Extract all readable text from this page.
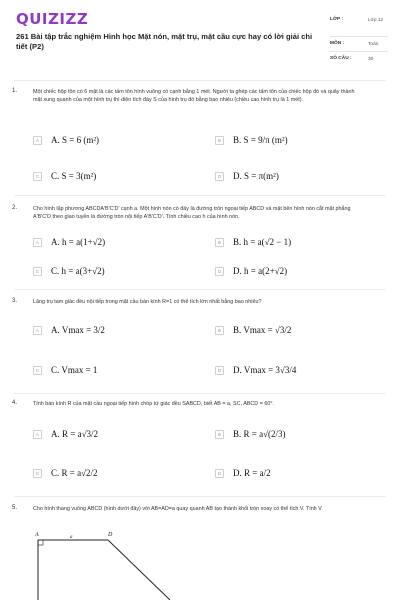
QUIZIZZ
261 Bài tập trắc nghiệm Hình học Mặt nón, mặt trụ, mặt cầu cực hay có lời giải chi tiết (P2)
LỚP :	Lớp 12
MÔN :	Toán
SỐ CÂU :	30
1.	Một chiếc hộp tôn có 6 mặt là các tấm tôn hình vuông có cạnh bằng 1 mét. Người ta ghép các tấm tôn của chiếc hộp đó và quây thành mặt xung quanh của một hình trụ thì diện tích đáy S của hình trụ đó bằng bao nhiêu (chiều cao hình trụ là 1 mét).
A	A. S = 6 (m²)	B	B. S = 9/π (m²)
C	C. S = 3(m²)	D	D. S = π(m²)
2.	Cho hình lập phương ABCDA'B'C'D' cạnh a. Một hình nón có đáy là đường tròn ngoại tiếp ABCD và mặt bên hình nón cắt mặt phẳng A'B'C'D theo giao tuyến là đường tròn nội tiếp A'B'C'D'. Tính chiều cao h của hình nón.
A	A. h = a(1+√2)	B	B. h = a(√2 − 1)
C	C. h = a(3+√2)	D	D. h = a(2+√2)
3.	Lăng trụ tam giác đều nội tiếp trong mặt cầu bán kính R=1 có thể tích lớn nhất bằng bao nhiêu?
A	A. Vmax = 3/2	B	B. Vmax = √3/2
C	C. Vmax = 1	D	D. Vmax = 3√3/4
4.	Tính bán kính R của mặt cầu ngoại tiếp hình chóp tứ giác đều SABCD, biết AB = a, SC, ABCD = 60°.
A	A. R = a√3/2	B	B. R = a√(2/3)
C	C. R = a√2/2	D	D. R = a/2
5.	Cho hình thang vuông ABCD (hình dưới đây) với AB=AD=a quay quanh AB tạo thành khối tròn xoay có thể tích V. Tính V
A	D
a
